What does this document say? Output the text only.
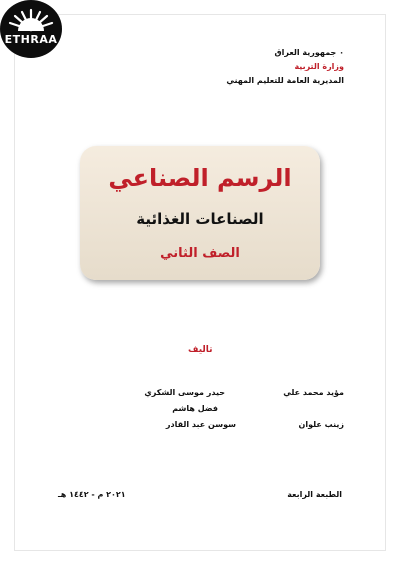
ETHRAA
٠ جمهورية العراق
وزارة التربية
المديرية العامة للتعليم المهني
الرسم الصناعي
الصناعات الغذائية
الصف الثاني
تاليف
مؤيد محمد علي
حيدر موسى الشكري
فضل هاشم
زينب علوان
سوسن عبد القادر
الطبعة الرابعة
٢٠٢١ م - ١٤٤٢ هـ
